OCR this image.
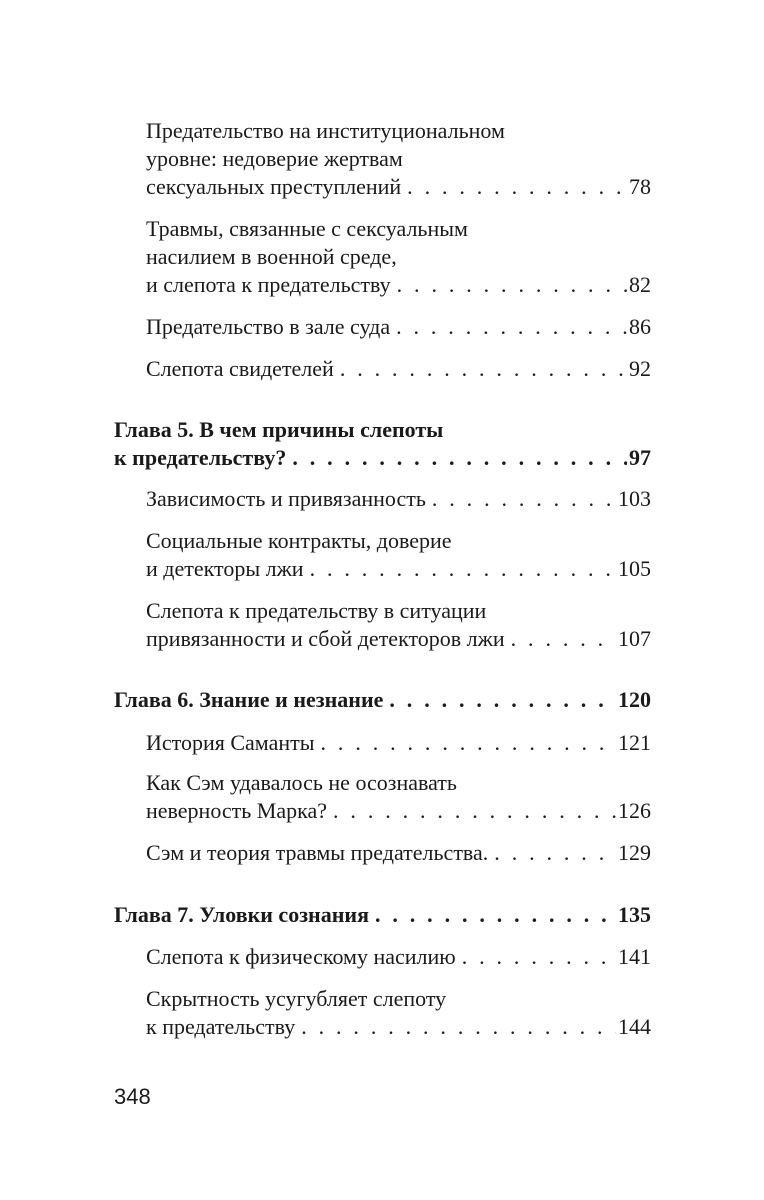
Предательство на институциональном
уровне: недоверие жертвам
сексуальных преступлений . . .	78
Травмы, связанные с сексуальным
насилием в военной среде,
и слепота к предательству . . .	82
Предательство в зале суда . . .	86
Слепота свидетелей . . .	92
Глава 5. В чем причины слепоты
к предательству? . . .	97
Зависимость и привязанность . . .	103
Социальные контракты, доверие
и детекторы лжи . . .	105
Слепота к предательству в ситуации
привязанности и сбой детекторов лжи . . .	107
Глава 6. Знание и незнание . . .	120
История Саманты . . .	121
Как Сэм удавалось не осознавать
неверность Марка? . . .	126
Сэм и теория травмы предательства. . . .	129
Глава 7. Уловки сознания . . .	135
Слепота к физическому насилию . . .	141
Скрытность усугубляет слепоту
к предательству . . .	144
348
